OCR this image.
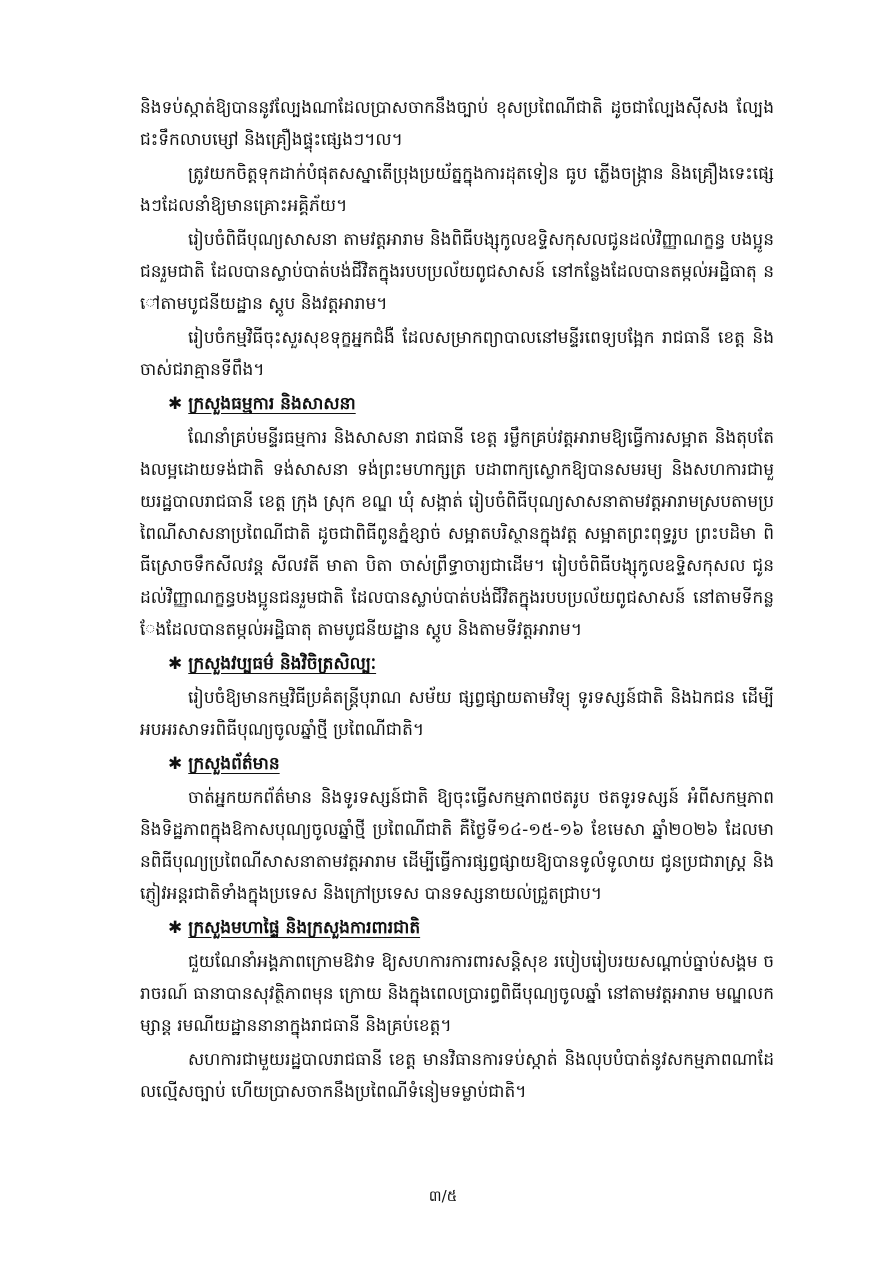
និងទប់ស្កាត់ឱ្យបាននូវល្បែងណាដែលប្រាសចាកនឹងច្បាប់ ខុសប្រពៃណីជាតិ ដូចជាល្បែងស៊ីសង ល្បែងជះទឹកលាបម្សៅ និងគ្រឿងផ្ទុះផ្សេងៗ។ល។

ត្រូវយកចិត្តទុកដាក់បំផុតសស្នាតើប្រុងប្រយ័ត្នក្នុងការដុតទៀន ធូប ភ្លើងចង្ក្រាន និងគ្រឿងទេះផ្សេងៗដែលនាំឱ្យមានគ្រោះអគ្គិភ័យ។

រៀបចំពិធីបុណ្យសាសនា តាមវត្តអារាម និងពិធីបង្សុកូលឧទ្ទិសកុសលជូនដល់វិញ្ញាណក្ខន្ធ បងប្អូនជនរួមជាតិ ដែលបានស្លាប់បាត់បង់ជីវិតក្នុងរបបប្រល័យពូជសាសន៍ នៅកន្លែងដែលបានតម្កល់អដ្ឋិធាតុ នៅតាមបូជនីយដ្ឋាន ស្តូប និងវត្តអារាម។

រៀបចំកម្មវិធីចុះសួរសុខទុក្ខអ្នកជំងឺ ដែលសម្រាកព្យាបាលនៅមន្ទីរពេទ្យបង្អែក រាជធានី ខេត្ត និងចាស់ជរាគ្មានទីពឹង។

✱ ក្រសួងធម្មការ និងសាសនា

ណែនាំគ្រប់មន្ទីរធម្មការ និងសាសនា រាជធានី ខេត្ត រម្លឹកគ្រប់វត្តអារាមឱ្យធ្វើការសម្អាត និងតុបតែងលម្អដោយទង់ជាតិ ទង់សាសនា ទង់ព្រះមហាក្សត្រ បដាពាក្យស្លោកឱ្យបានសមរម្យ និងសហការជាមួយរដ្ឋបាលរាជធានី ខេត្ត ក្រុង ស្រុក ខណ្ឌ ឃុំ សង្កាត់ រៀបចំពិធីបុណ្យសាសនាតាមវត្តអារាមស្របតាមប្រពៃណីសាសនាប្រពៃណីជាតិ ដូចជាពិធីពូនភ្នំខ្សាច់ សម្អាតបរិស្ថានក្នុងវត្ត សម្អាតព្រះពុទ្ធរូប ព្រះបដិមា ពិធីស្រោចទឹកសីលវន្ត សីលវតី មាតា បិតា ចាស់ព្រឹទ្ធាចារ្យជាដើម។ រៀបចំពិធីបង្សុកូលឧទ្ទិសកុសល ជូនដល់វិញ្ញាណក្ខន្ធបងប្អូនជនរួមជាតិ ដែលបានស្លាប់បាត់បង់ជីវិតក្នុងរបបប្រល័យពូជសាសន៍ នៅតាមទីកន្លែងដែលបានតម្កល់អដ្ឋិធាតុ តាមបូជនីយដ្ឋាន ស្តូប និងតាមទីវត្តអារាម។

✱ ក្រសួងវប្បធម៌ និងវិចិត្រសិល្បៈ

រៀបចំឱ្យមានកម្មវិធីប្រគំតន្ត្រីបុរាណ សម័យ ផ្សព្វផ្សាយតាមវិទ្យុ ទូរទស្សន៍ជាតិ និងឯកជន ដើម្បីអបអរសាទរពិធីបុណ្យចូលឆ្នាំថ្មី ប្រពៃណីជាតិ។

✱ ក្រសួងព័ត៌មាន

ចាត់អ្នកយកព័ត៌មាន និងទូរទស្សន៍ជាតិ ឱ្យចុះធ្វើសកម្មភាពថតរូប ថតទូរទស្សន៍ អំពីសកម្មភាព និងទិដ្ឋភាពក្នុងឱកាសបុណ្យចូលឆ្នាំថ្មី ប្រពៃណីជាតិ គឺថ្ងៃទី១៤-១៥-១៦ ខែមេសា ឆ្នាំ២០២៦ ដែលមានពិធីបុណ្យប្រពៃណីសាសនាតាមវត្តអារាម ដើម្បីធ្វើការផ្សព្វផ្សាយឱ្យបានទូលំទូលាយ ជូនប្រជារាស្ត្រ និងភ្ញៀវអន្តរជាតិទាំងក្នុងប្រទេស និងក្រៅប្រទេស បានទស្សនាយល់ជ្រួតជ្រាប។

✱ ក្រសួងមហាផ្ទៃ និងក្រសួងការពារជាតិ

ជួយណែនាំអង្គភាពក្រោមឱវាទ ឱ្យសហការការពារសន្តិសុខ របៀបរៀបរយសណ្តាប់ធ្នាប់សង្គម ចរាចរណ៍ ធានាបានសុវត្ថិភាពមុន ក្រោយ និងក្នុងពេលប្រារព្ធពិធីបុណ្យចូលឆ្នាំ នៅតាមវត្តអារាម មណ្ឌលកម្សាន្ត រមណីយដ្ឋាននានាក្នុងរាជធានី និងគ្រប់ខេត្ត។

សហការជាមួយរដ្ឋបាលរាជធានី ខេត្ត មានវិធានការទប់ស្កាត់ និងលុបបំបាត់នូវសកម្មភាពណាដែលល្មើសច្បាប់ ហើយប្រាសចាកនឹងប្រពៃណីទំនៀមទម្លាប់ជាតិ។

៣/៥
